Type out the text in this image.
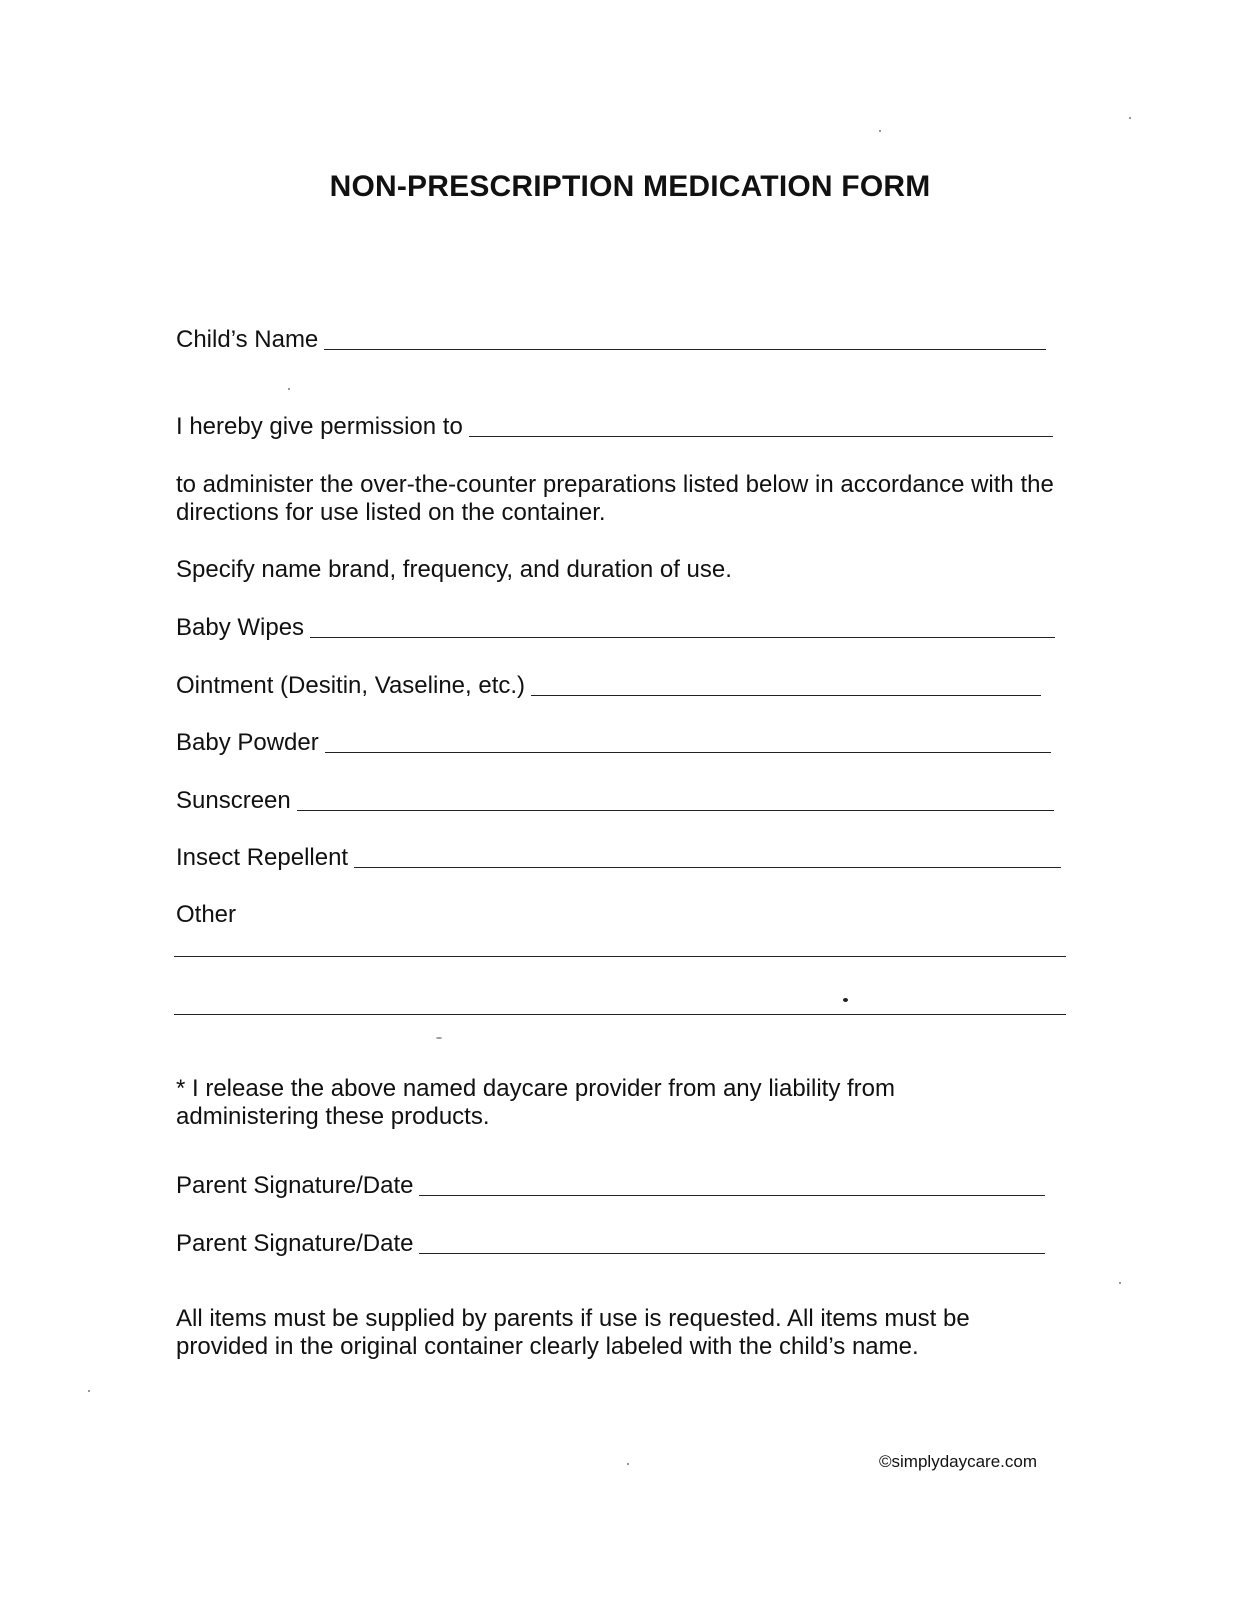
NON-PRESCRIPTION MEDICATION FORM
Child’s Name
I hereby give permission to

to administer the over-the-counter preparations listed below in accordance with the directions for use listed on the container.

Specify name brand, frequency, and duration of use.

Baby Wipes
Ointment (Desitin, Vaseline, etc.)
Baby Powder
Sunscreen
Insect Repellent
Other

* I release the above named daycare provider from any liability from administering these products.

Parent Signature/Date
Parent Signature/Date

All items must be supplied by parents if use is requested. All items must be provided in the original container clearly labeled with the child’s name.

©simplydaycare.com
